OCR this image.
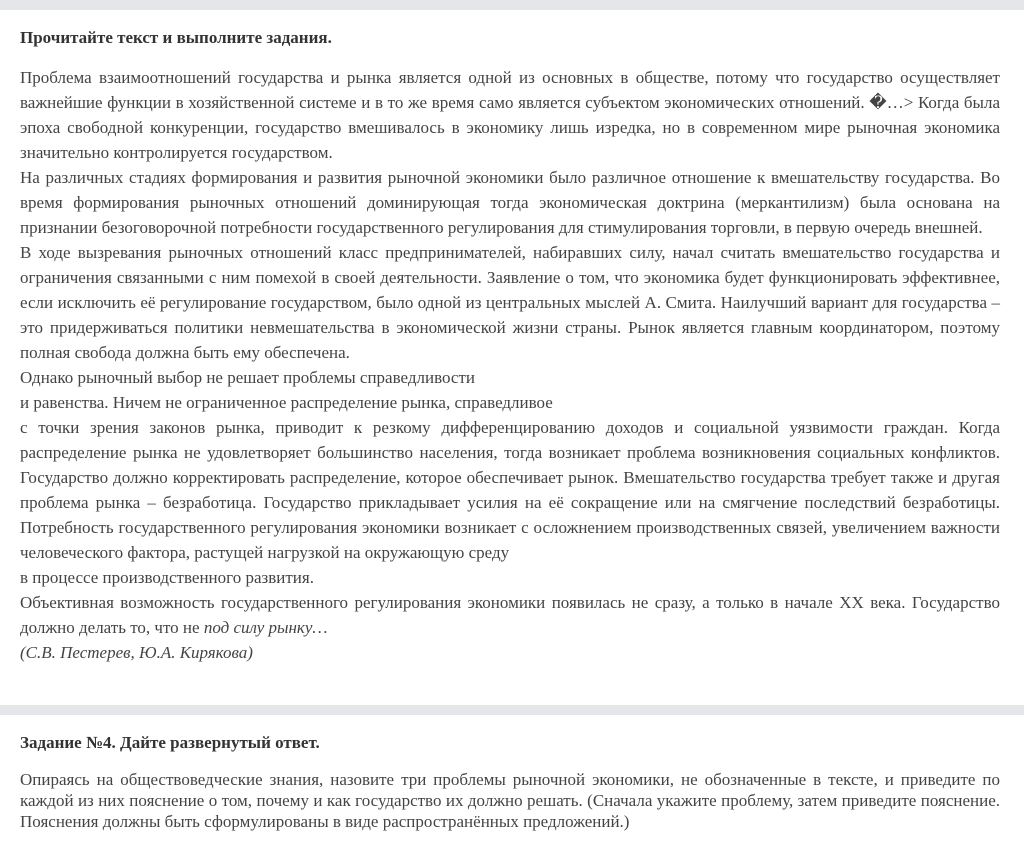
Прочитайте текст и выполните задания.

Проблема взаимоотношений государства и рынка является одной из основных в обществе, потому что государство осуществляет важнейшие функции в хозяйственной системе и в то же время само является субъектом экономических отношений. �…> Когда была эпоха свободной конкуренции, государство вмешивалось в экономику лишь изредка, но в современном мире рыночная экономика значительно контролируется государством.

На различных стадиях формирования и развития рыночной экономики было различное отношение к вмешательству государства. Во время формирования рыночных отношений доминирующая тогда экономическая доктрина (меркантилизм) была основана на признании безоговорочной потребности государственного регулирования для стимулирования торговли, в первую очередь внешней.

В ходе вызревания рыночных отношений класс предпринимателей, набиравших силу, начал считать вмешательство государства и ограничения связанными с ним помехой в своей деятельности. Заявление о том, что экономика будет функционировать эффективнее, если исключить её регулирование государством, было одной из центральных мыслей А. Смита. Наилучший вариант для государства – это придерживаться политики невмешательства в экономической жизни страны. Рынок является главным координатором, поэтому полная свобода должна быть ему обеспечена.

Однако рыночный выбор не решает проблемы справедливости

и равенства. Ничем не ограниченное распределение рынка, справедливое

с точки зрения законов рынка, приводит к резкому дифференцированию доходов и социальной уязвимости граждан. Когда распределение рынка не удовлетворяет большинство населения, тогда возникает проблема возникновения социальных конфликтов. Государство должно корректировать распределение, которое обеспечивает рынок. Вмешательство государства требует также и другая проблема рынка – безработица. Государство прикладывает усилия на её сокращение или на смягчение последствий безработицы. Потребность государственного регулирования экономики возникает с осложнением производственных связей, увеличением важности человеческого фактора, растущей нагрузкой на окружающую среду

в процессе производственного развития.

Объективная возможность государственного регулирования экономики появилась не сразу, а только в начале XX века. Государство должно делать то, что не под силу рынку…

(С.В. Пестерев, Ю.А. Кирякова)

Задание №4. Дайте развернутый ответ.

Опираясь на обществоведческие знания, назовите три проблемы рыночной экономики, не обозначенные в тексте, и приведите по каждой из них пояснение о том, почему и как государство их должно решать. (Сначала укажите проблему, затем приведите пояснение. Пояснения должны быть сформулированы в виде распространённых предложений.)
